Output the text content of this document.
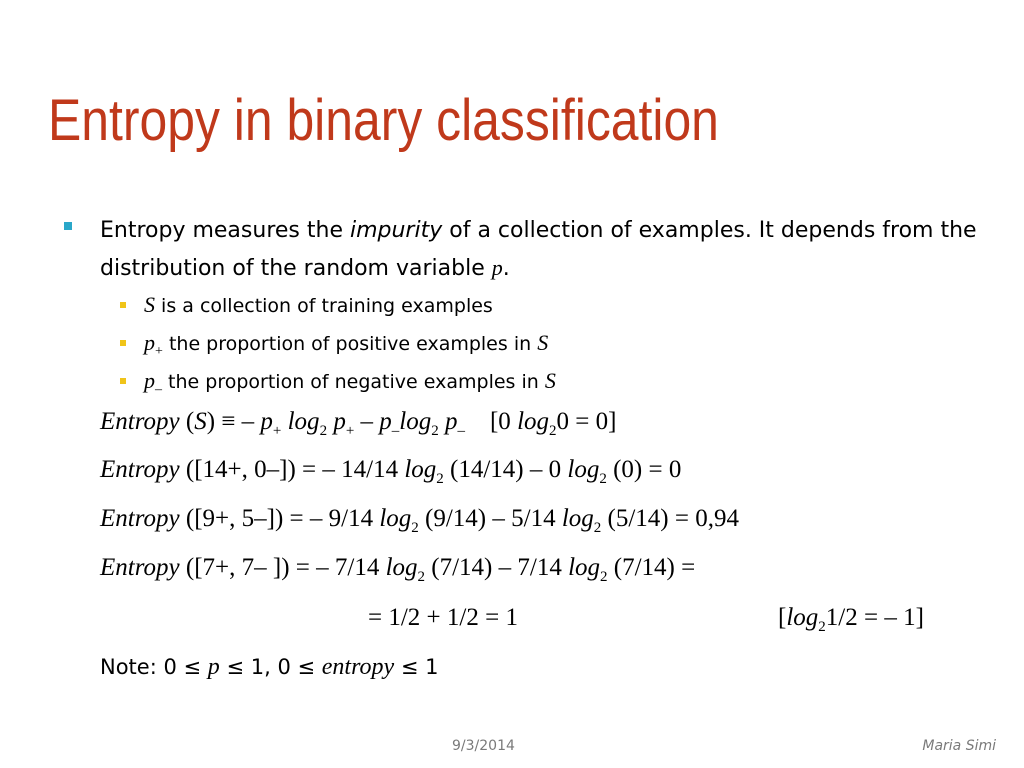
Entropy in binary classification
Entropy measures the impurity of a collection of examples. It depends from the distribution of the random variable p.
S is a collection of training examples
$p_+$ the proportion of positive examples in S
$p_-$ the proportion of negative examples in S
Entropy (S) ≡ – $p_+$ $\log_2 p_+ - p_-\log_2$ $p_-$    [0 $\log_20 = 0$]
Entropy ([14+, 0–]) = – 14/14 $\log_2 (14/14) - 0$ $\log_2 (0) = 0$
Entropy ([9+, 5–]) = – 9/14 $\log_2 (9/14) - 5/14$ $\log_2 (5/14) = 0,94$
Entropy ([7+, 7– ]) = – 7/14 $\log_2 (7/14) - 7/14$ $\log_2 (7/14)$ =
= 1/2 + 1/2 = 1	[$\log_21/2$ = – 1]
Note: 0 ≤ p ≤ 1, 0 ≤ entropy ≤ 1
9/3/2014	Maria Simi
